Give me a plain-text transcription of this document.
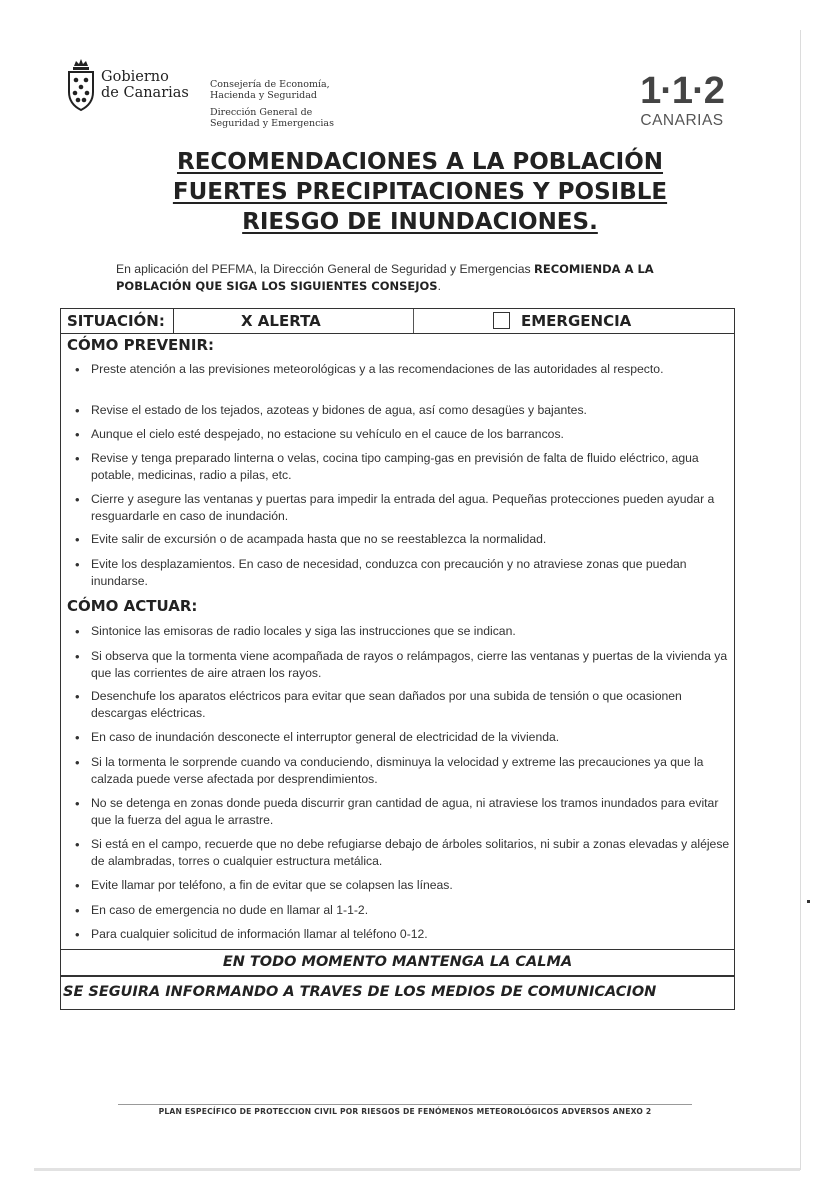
Gobierno
de Canarias
Consejería de Economía,
Hacienda y Seguridad
Dirección General de
Seguridad y Emergencias
1·1·2
CANARIAS
RECOMENDACIONES A LA POBLACIÓN
FUERTES PRECIPITACIONES Y POSIBLE
RIESGO DE INUNDACIONES.
En aplicación del PEFMA, la Dirección General de Seguridad y Emergencias RECOMIENDA A LA POBLACIÓN QUE SIGA LOS SIGUIENTES CONSEJOS.
SITUACIÓN:	X ALERTA	EMERGENCIA
CÓMO PREVENIR:
• Preste atención a las previsiones meteorológicas y a las recomendaciones de las autoridades al respecto.
• Revise el estado de los tejados, azoteas y bidones de agua, así como desagües y bajantes.
• Aunque el cielo esté despejado, no estacione su vehículo en el cauce de los barrancos.
• Revise y tenga preparado linterna o velas, cocina tipo camping-gas en previsión de falta de fluido eléctrico, agua potable, medicinas, radio a pilas, etc.
• Cierre y asegure las ventanas y puertas para impedir la entrada del agua. Pequeñas protecciones pueden ayudar a resguardarle en caso de inundación.
• Evite salir de excursión o de acampada hasta que no se reestablezca la normalidad.
• Evite los desplazamientos. En caso de necesidad, conduzca con precaución y no atraviese zonas que puedan inundarse.
CÓMO ACTUAR:
• Sintonice las emisoras de radio locales y siga las instrucciones que se indican.
• Si observa que la tormenta viene acompañada de rayos o relámpagos, cierre las ventanas y puertas de la vivienda ya que las corrientes de aire atraen los rayos.
• Desenchufe los aparatos eléctricos para evitar que sean dañados por una subida de tensión o que ocasionen descargas eléctricas.
• En caso de inundación desconecte el interruptor general de electricidad de la vivienda.
• Si la tormenta le sorprende cuando va conduciendo, disminuya la velocidad y extreme las precauciones ya que la calzada puede verse afectada por desprendimientos.
• No se detenga en zonas donde pueda discurrir gran cantidad de agua, ni atraviese los tramos inundados para evitar que la fuerza del agua le arrastre.
• Si está en el campo, recuerde que no debe refugiarse debajo de árboles solitarios, ni subir a zonas elevadas y aléjese de alambradas, torres o cualquier estructura metálica.
• Evite llamar por teléfono, a fin de evitar que se colapsen las líneas.
• En caso de emergencia no dude en llamar al 1-1-2.
• Para cualquier solicitud de información llamar al teléfono 0-12.
EN TODO MOMENTO MANTENGA LA CALMA
SE SEGUIRA INFORMANDO A TRAVES DE LOS MEDIOS DE COMUNICACION
PLAN ESPECÍFICO DE PROTECCION CIVIL POR RIESGOS DE FENÓMENOS METEOROLÓGICOS ADVERSOS ANEXO 2
